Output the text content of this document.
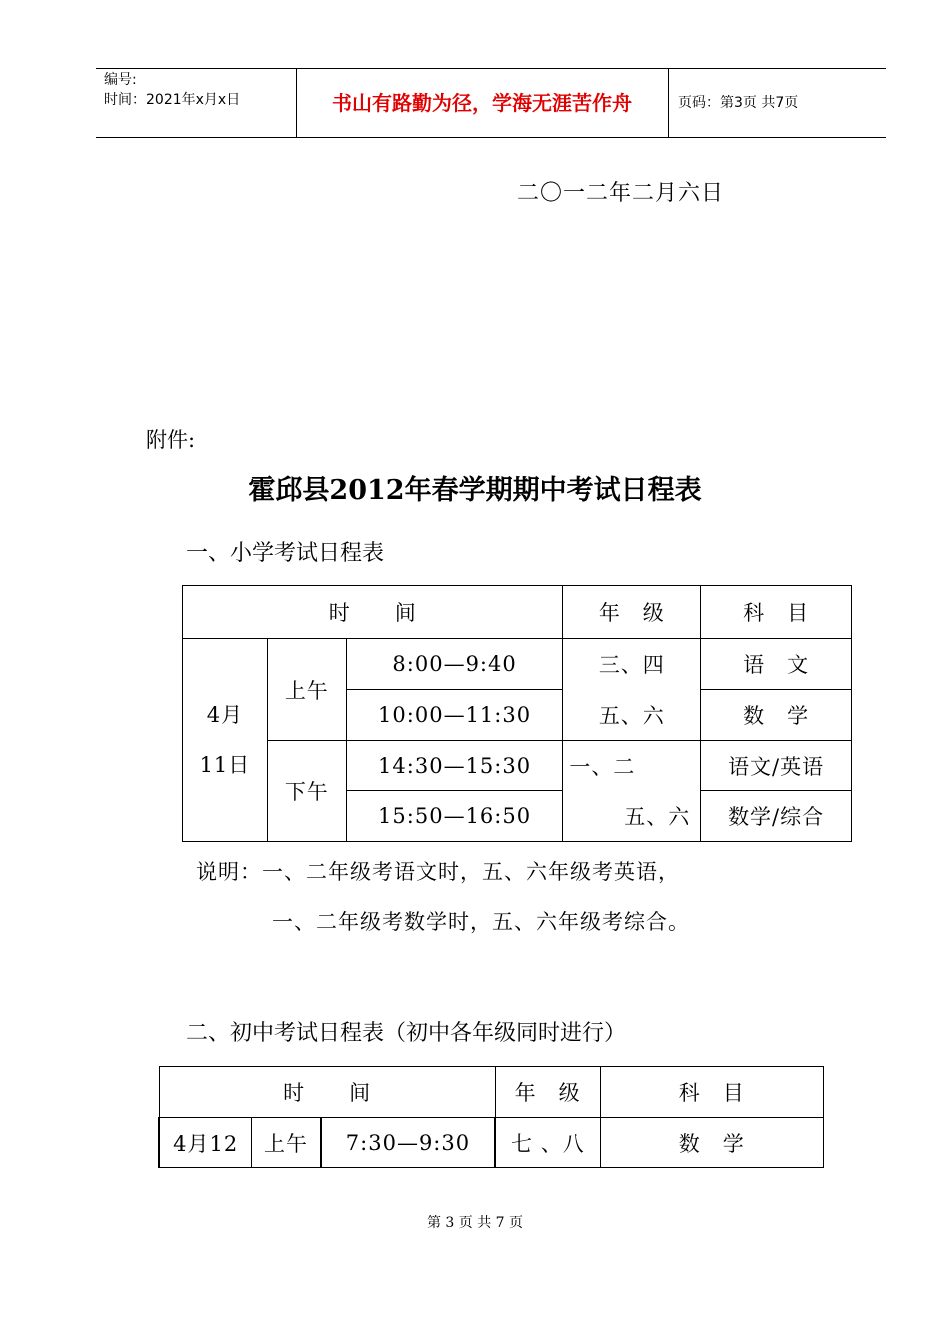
编号:
时间：2021年x月x日	书山有路勤为径，学海无涯苦作舟	页码：第3页 共7页
二〇一二年二月六日
附件:
霍邱县2012年春学期期中考试日程表
一、小学考试日程表
时　　间			年　级	科　目

4月
11日	上午	8:00—9:40	三、四	语　文
		10:00—11:30	五、六	数　学
	下午	14:30—15:30	一、二	语文/英语
		15:50—16:50	五、六	数学/综合
说明：一、二年级考语文时，五、六年级考英语，
一、二年级考数学时，五、六年级考综合。
二、初中考试日程表（初中各年级同时进行）
时　　间			年　级	科　目
4月12	上午	7:30—9:30	七 、八	数　学
第 3 页 共 7 页
